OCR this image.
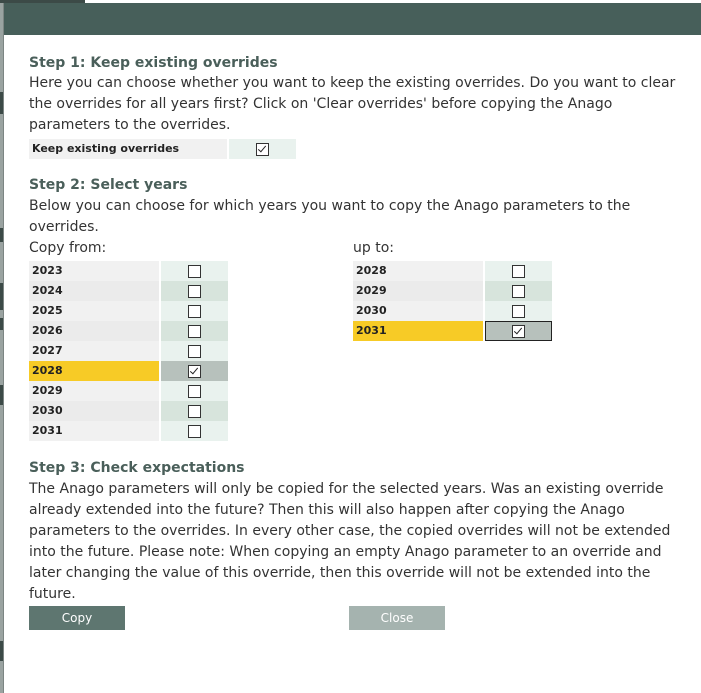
Step 1: Keep existing overrides
Here you can choose whether you want to keep the existing overrides. Do you want to clear the overrides for all years first? Click on 'Clear overrides' before copying the Anago parameters to the overrides.
Keep existing overrides
Step 2: Select years
Below you can choose for which years you want to copy the Anago parameters to the overrides.
Copy from:	up to:
2023
2024
2025
2026
2027
2028
2029
2030
2031
2028
2029
2030
2031
Step 3: Check expectations
The Anago parameters will only be copied for the selected years. Was an existing override already extended into the future? Then this will also happen after copying the Anago parameters to the overrides. In every other case, the copied overrides will not be extended into the future. Please note: When copying an empty Anago parameter to an override and later changing the value of this override, then this override will not be extended into the future.
Copy	Close
